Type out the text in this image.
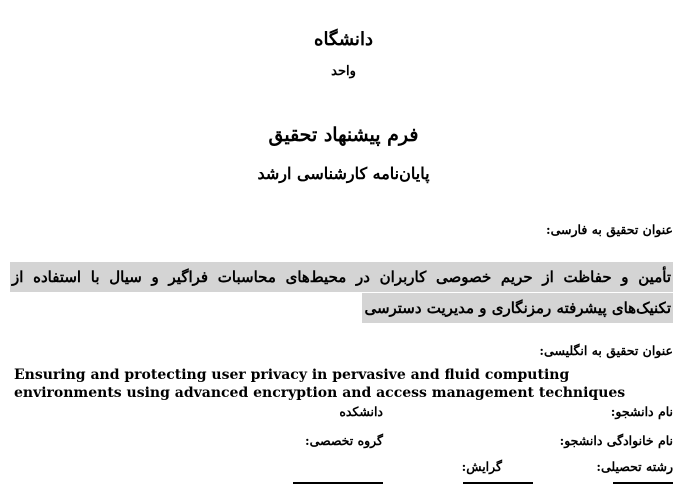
دانشگاه
واحد
فرم پیشنهاد تحقیق
پایان‌نامه کارشناسی ارشد
عنوان تحقیق به فارسی:
تأمین و حفاظت از حریم خصوصی کاربران در محیط‌های محاسبات فراگیر و سیال با استفاده از
تکنیک‌های پیشرفته رمزنگاری و مدیریت دسترسی
عنوان تحقیق به انگلیسی:
Ensuring and protecting user privacy in pervasive and fluid computing environments using advanced encryption and access management techniques
نام دانشجو:
دانشکده
نام خانوادگی دانشجو:
گروه تخصصی:
رشته تحصیلی:
گرایش:
